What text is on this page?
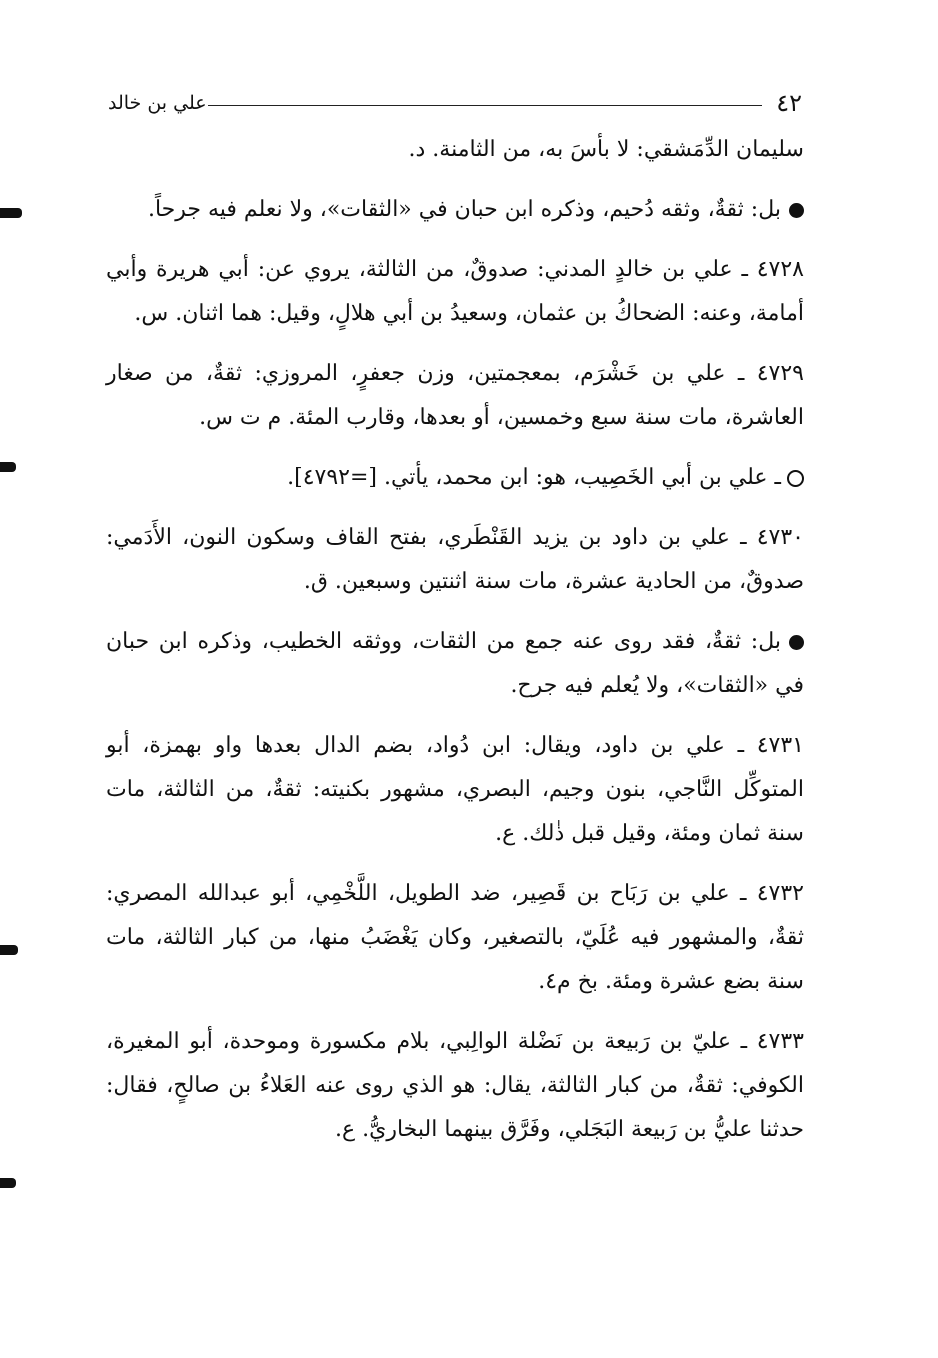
٤٢
علي بن خالد

سليمان الدِّمَشقي: لا بأسَ به، من الثامنة. د.

بل: ثقةٌ، وثقه دُحيم، وذكره ابن حبان في «الثقات»، ولا نعلم فيه جرحاً.

٤٧٢٨ ـ علي بن خالدٍ المدني: صدوقٌ، من الثالثة، يروي عن: أبي هريرة وأبي أمامة، وعنه: الضحاكُ بن عثمان، وسعيدُ بن أبي هلالٍ، وقيل: هما اثنان. س.

٤٧٢٩ ـ علي بن خَشْرَم، بمعجمتين، وزن جعفرٍ، المروزي: ثقةٌ، من صغار العاشرة، مات سنة سبع وخمسين، أو بعدها، وقارب المئة. م ت س.

ـ علي بن أبي الخَصِيب، هو: ابن محمد، يأتي. [=٤٧٩٢].

٤٧٣٠ ـ علي بن داود بن يزيد القَنْطَري، بفتح القاف وسكون النون، الأَدَمي: صدوقٌ، من الحادية عشرة، مات سنة اثنتين وسبعين. ق.

بل: ثقةٌ، فقد روى عنه جمع من الثقات، ووثقه الخطيب، وذكره ابن حبان في «الثقات»، ولا يُعلم فيه جرح.

٤٧٣١ ـ علي بن داود، ويقال: ابن دُواد، بضم الدال بعدها واو بهمزة، أبو المتوكِّل النَّاجي، بنون وجيم، البصري، مشهور بكنيته: ثقةٌ، من الثالثة، مات سنة ثمان ومئة، وقيل قبل ذٰلك. ع.

٤٧٣٢ ـ علي بن رَبَاح بن قَصِير، ضد الطويل، اللَّخْمِي، أبو عبدالله المصري: ثقةٌ، والمشهور فيه عُلَيّ، بالتصغير، وكان يَغْضَبُ منها، من كبار الثالثة، مات سنة بضع عشرة ومئة. بخ م٤.

٤٧٣٣ ـ عليّ بن رَبيعة بن نَضْلة الوالِبي، بلام مكسورة وموحدة، أبو المغيرة، الكوفي: ثقةٌ، من كبار الثالثة، يقال: هو الذي روى عنه العَلاءُ بن صالحٍ، فقال: حدثنا عليُّ بن رَبيعة البَجَلي، وفَرَّق بينهما البخاريُّ. ع.
